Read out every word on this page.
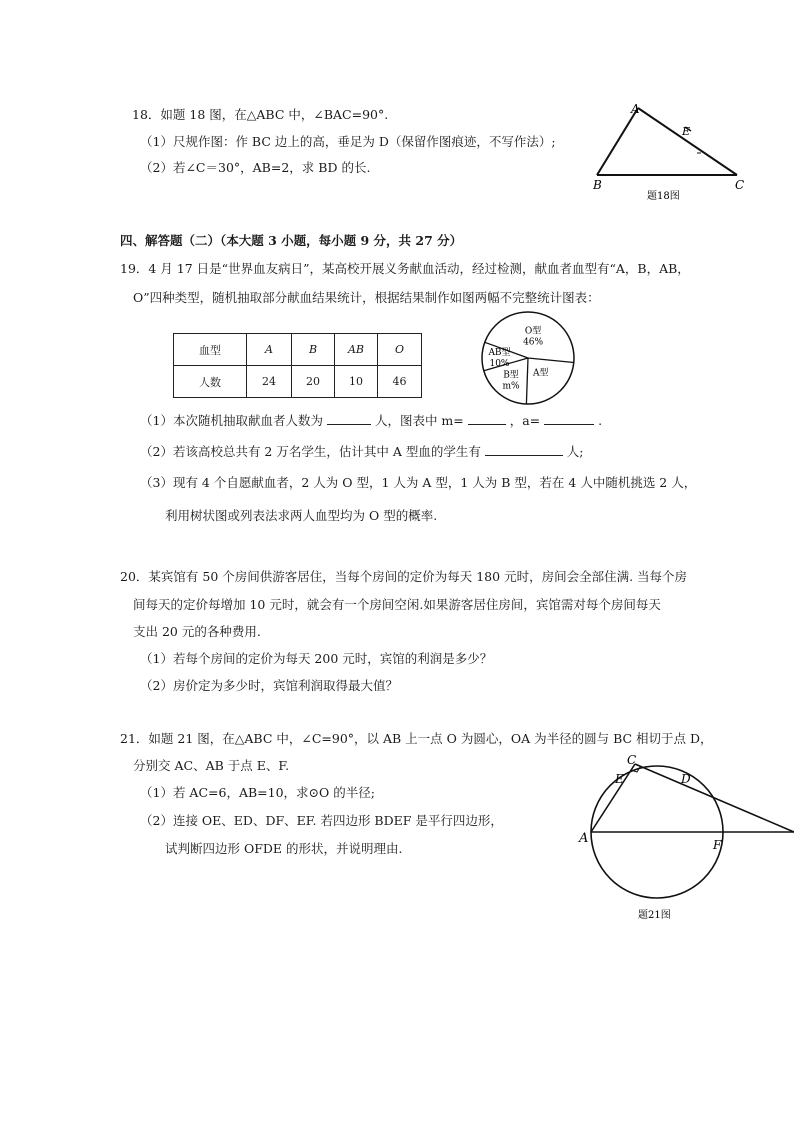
18．如题 18 图，在△ABC 中，∠BAC=90°.
（1）尺规作图：作 BC 边上的高，垂足为 D（保留作图痕迹，不写作法）;
（2）若∠C＝30°，AB=2，求 BD 的长.
A
B	C
E
题18图
四、解答题（二）（本大题 3 小题，每小题 9 分，共 27 分）
19．4 月 17 日是“世界血友病日”，某高校开展义务献血活动，经过检测，献血者血型有“A，B，AB，
O”四种类型，随机抽取部分献血结果统计，根据结果制作如图两幅不完整统计图表：
血型	A	B	AB	O
人数	24	20	10	46
O型 46%
A型
B型 m%
AB型 10%
（1）本次随机抽取献血者人数为	人，图表中 m=	，a=	.
（2）若该高校总共有 2 万名学生，估计其中 A 型血的学生有	人;
（3）现有 4 个自愿献血者，2 人为 O 型，1 人为 A 型，1 人为 B 型，若在 4 人中随机挑选 2 人，
利用树状图或列表法求两人血型均为 O 型的概率.
20．某宾馆有 50 个房间供游客居住，当每个房间的定价为每天 180 元时，房间会全部住满. 当每个房
间每天的定价每增加 10 元时，就会有一个房间空闲.如果游客居住房间，宾馆需对每个房间每天
支出 20 元的各种费用.
（1）若每个房间的定价为每天 200 元时，宾馆的利润是多少？
（2）房价定为多少时，宾馆利润取得最大值？
21．如题 21 图，在△ABC 中，∠C=90°，以 AB 上一点 O 为圆心，OA 为半径的圆与 BC 相切于点 D，
分别交 AC、AB 于点 E、F.
（1）若 AC=6，AB=10，求⊙O 的半径;
（2）连接 OE、ED、DF、EF. 若四边形 BDEF 是平行四边形，
试判断四边形 OFDE 的形状，并说明理由.
A
C
D
E
F
题21图
